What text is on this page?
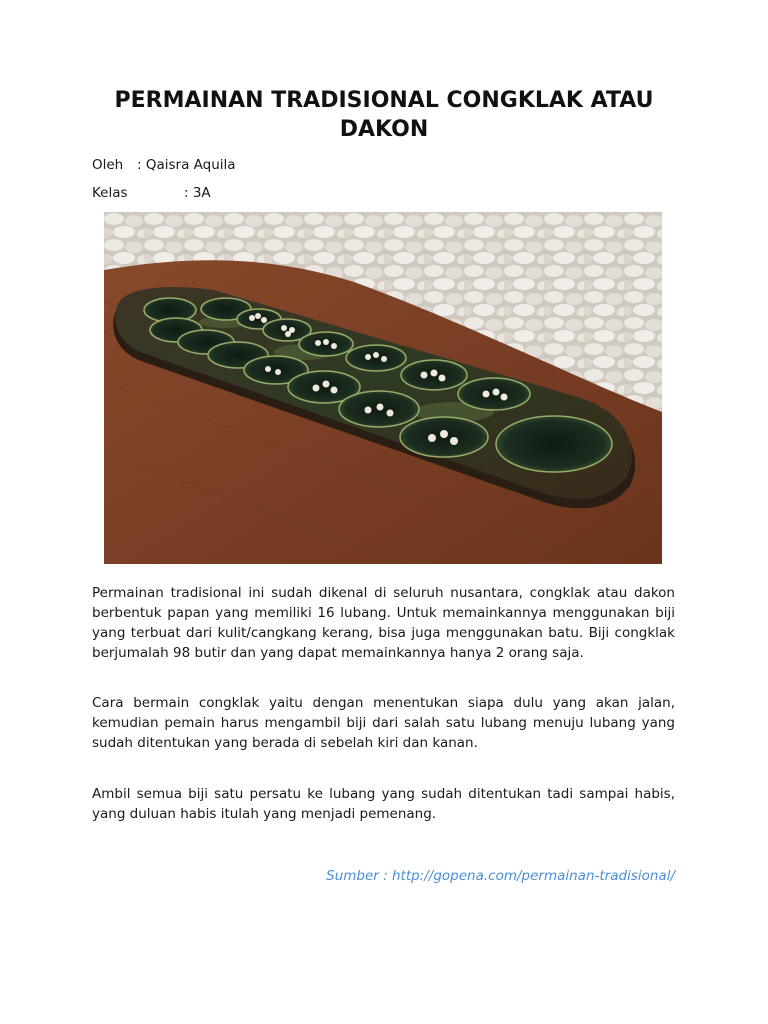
PERMAINAN TRADISIONAL CONGKLAK ATAU DAKON
Oleh : Qaisra Aquila
Kelas	: 3A

Permainan tradisional ini sudah dikenal di seluruh nusantara, congklak atau dakon berbentuk papan yang memiliki 16 lubang. Untuk memainkannya menggunakan biji yang terbuat dari kulit/cangkang kerang, bisa juga menggunakan batu. Biji congklak berjumalah 98 butir dan yang dapat memainkannya hanya 2 orang saja.

Cara bermain congklak yaitu dengan menentukan siapa dulu yang akan jalan, kemudian pemain harus mengambil biji dari salah satu lubang menuju lubang yang sudah ditentukan yang berada di sebelah kiri dan kanan.

Ambil semua biji satu persatu ke lubang yang sudah ditentukan tadi sampai habis, yang duluan habis itulah yang menjadi pemenang.

Sumber : http://gopena.com/permainan-tradisional/
